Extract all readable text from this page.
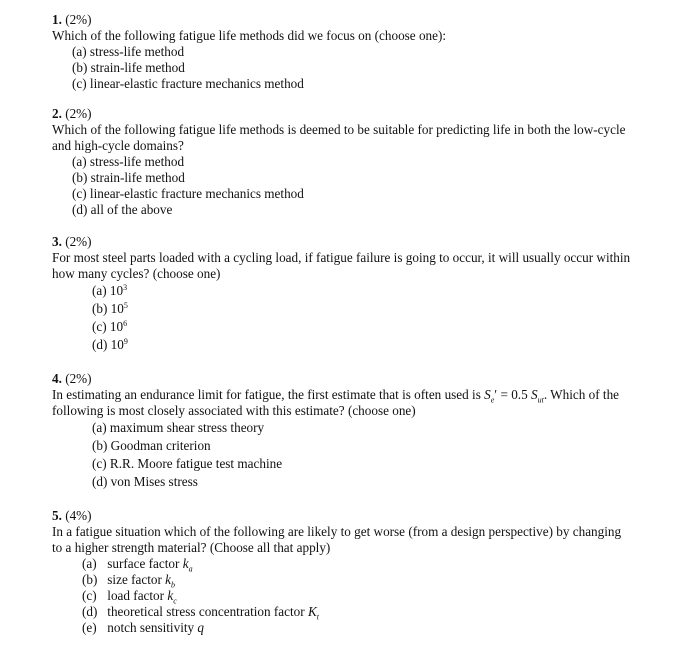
1. (2%)

Which of the following fatigue life methods did we focus on (choose one):

(a) stress-life method
(b) strain-life method
(c) linear-elastic fracture mechanics method
2. (2%)

Which of the following fatigue life methods is deemed to be suitable for predicting life in both the low-cycle and high-cycle domains?

(a) stress-life method
(b) strain-life method
(c) linear-elastic fracture mechanics method
(d) all of the above
3. (2%)

For most steel parts loaded with a cycling load, if fatigue failure is going to occur, it will usually occur within how many cycles? (choose one)

(a) $10^3$
(b) $10^5$
(c) $10^6$
(d) $10^9$
4. (2%)

In estimating an endurance limit for fatigue, the first estimate that is often used is $S_e' = 0.5$ $S_{ut}$. Which of the following is most closely associated with this estimate? (choose one)

(a) maximum shear stress theory
(b) Goodman criterion
(c) R.R. Moore fatigue test machine
(d) von Mises stress
5. (4%)

In a fatigue situation which of the following are likely to get worse (from a design perspective) by changing to a higher strength material? (Choose all that apply)

(a) surface factor $k_a$
(b) size factor $k_b$
(c) load factor $k_c$
(d) theoretical stress concentration factor $K_t$
(e) notch sensitivity q
